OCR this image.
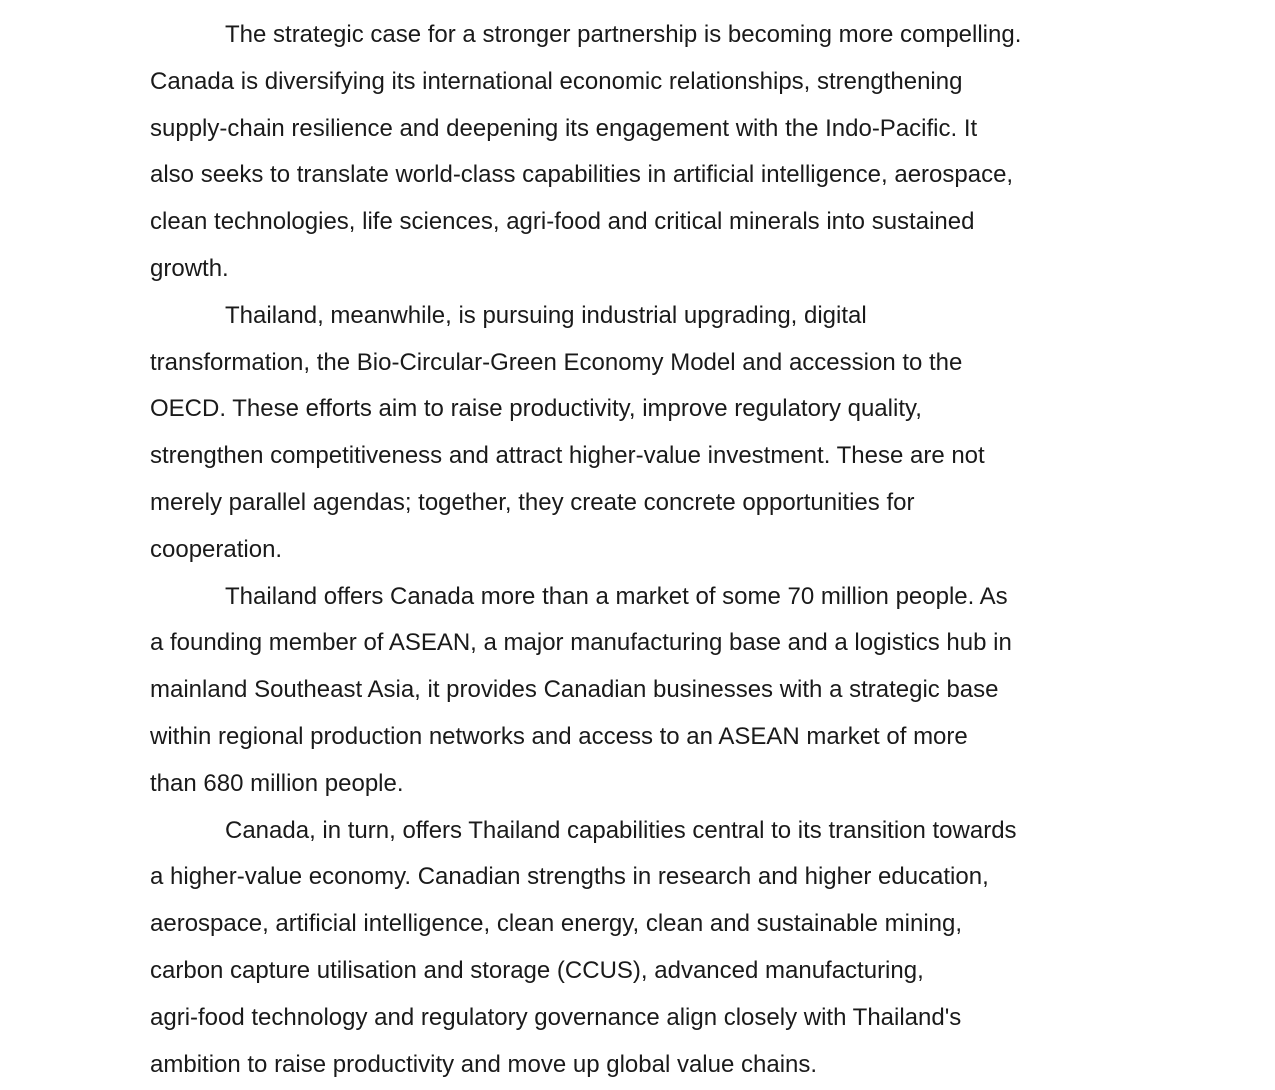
The strategic case for a stronger partnership is becoming more compelling.
Canada is diversifying its international economic relationships, strengthening
supply-chain resilience and deepening its engagement with the Indo-Pacific. It
also seeks to translate world-class capabilities in artificial intelligence, aerospace,
clean technologies, life sciences, agri-food and critical minerals into sustained
growth.

Thailand, meanwhile, is pursuing industrial upgrading, digital
transformation, the Bio-Circular-Green Economy Model and accession to the
OECD. These efforts aim to raise productivity, improve regulatory quality,
strengthen competitiveness and attract higher-value investment. These are not
merely parallel agendas; together, they create concrete opportunities for
cooperation.

Thailand offers Canada more than a market of some 70 million people. As
a founding member of ASEAN, a major manufacturing base and a logistics hub in
mainland Southeast Asia, it provides Canadian businesses with a strategic base
within regional production networks and access to an ASEAN market of more
than 680 million people.

Canada, in turn, offers Thailand capabilities central to its transition towards
a higher-value economy. Canadian strengths in research and higher education,
aerospace, artificial intelligence, clean energy, clean and sustainable mining,
carbon capture utilisation and storage (CCUS), advanced manufacturing,
agri-food technology and regulatory governance align closely with Thailand's
ambition to raise productivity and move up global value chains.
